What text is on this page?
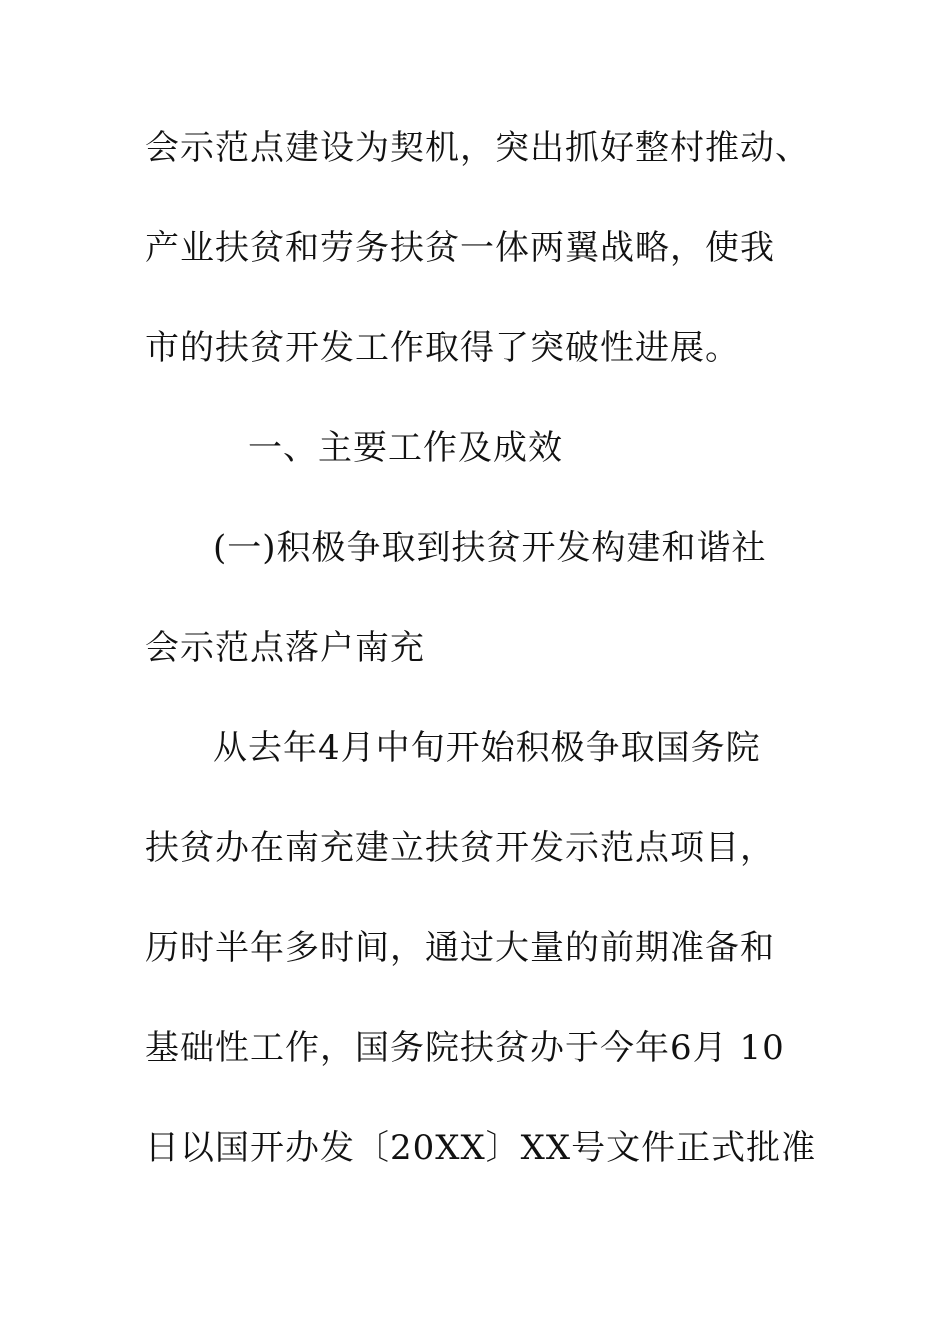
会示范点建设为契机，突出抓好整村推动、
产业扶贫和劳务扶贫一体两翼战略，使我
市的扶贫开发工作取得了突破性进展。
一、主要工作及成效
(一)积极争取到扶贫开发构建和谐社
会示范点落户南充
从去年4月中旬开始积极争取国务院
扶贫办在南充建立扶贫开发示范点项目，
历时半年多时间，通过大量的前期准备和
基础性工作，国务院扶贫办于今年6月 10
日以国开办发〔20XX〕XX号文件正式批准
